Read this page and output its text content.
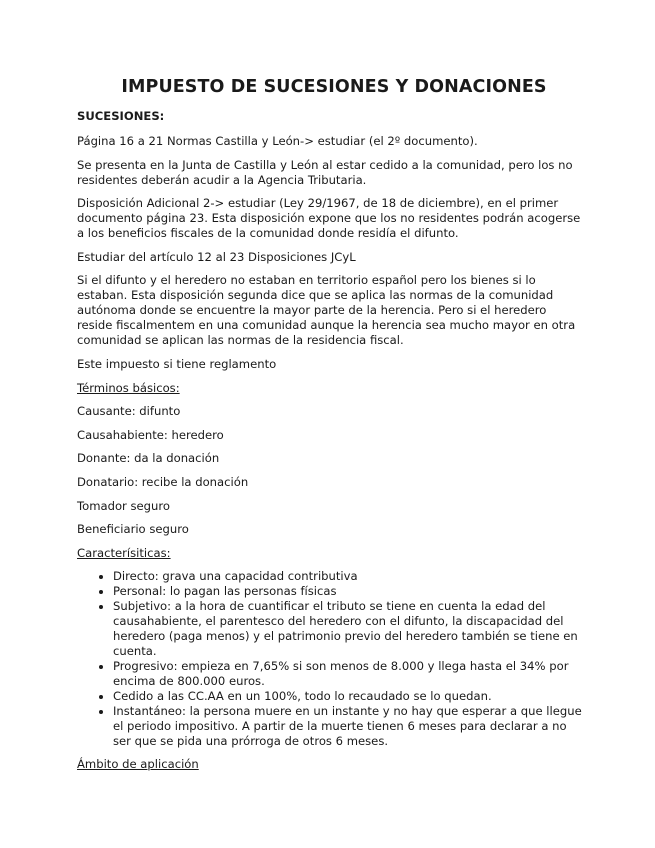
IMPUESTO DE SUCESIONES Y DONACIONES
SUCESIONES:

Página 16 a 21 Normas Castilla y León-> estudiar (el 2º documento).

Se presenta en la Junta de Castilla y León al estar cedido a la comunidad, pero los no residentes deberán acudir a la Agencia Tributaria.

Disposición Adicional 2-> estudiar (Ley 29/1967, de 18 de diciembre), en el primer documento página 23. Esta disposición expone que los no residentes podrán acogerse a los beneficios fiscales de la comunidad donde residía el difunto.

Estudiar del artículo 12 al 23 Disposiciones JCyL

Si el difunto y el heredero no estaban en territorio español pero los bienes si lo estaban. Esta disposición segunda dice que se aplica las normas de la comunidad autónoma donde se encuentre la mayor parte de la herencia. Pero si el heredero reside fiscalmentem en una comunidad aunque la herencia sea mucho mayor en otra comunidad se aplican las normas de la residencia fiscal.

Este impuesto si tiene reglamento

Términos básicos:

Causante: difunto

Causahabiente: heredero

Donante: da la donación

Donatario: recibe la donación

Tomador seguro

Beneficiario seguro

Caracterísiticas:

• Directo: grava una capacidad contributiva
• Personal: lo pagan las personas físicas
• Subjetivo: a la hora de cuantificar el tributo se tiene en cuenta la edad del causahabiente, el parentesco del heredero con el difunto, la discapacidad del heredero (paga menos) y el patrimonio previo del heredero también se tiene en cuenta.
• Progresivo: empieza en 7,65% si son menos de 8.000 y llega hasta el 34% por encima de 800.000 euros.
• Cedido a las CC.AA en un 100%, todo lo recaudado se lo quedan.
• Instantáneo: la persona muere en un instante y no hay que esperar a que llegue el periodo impositivo. A partir de la muerte tienen 6 meses para declarar a no ser que se pida una prórroga de otros 6 meses.

Ámbito de aplicación
